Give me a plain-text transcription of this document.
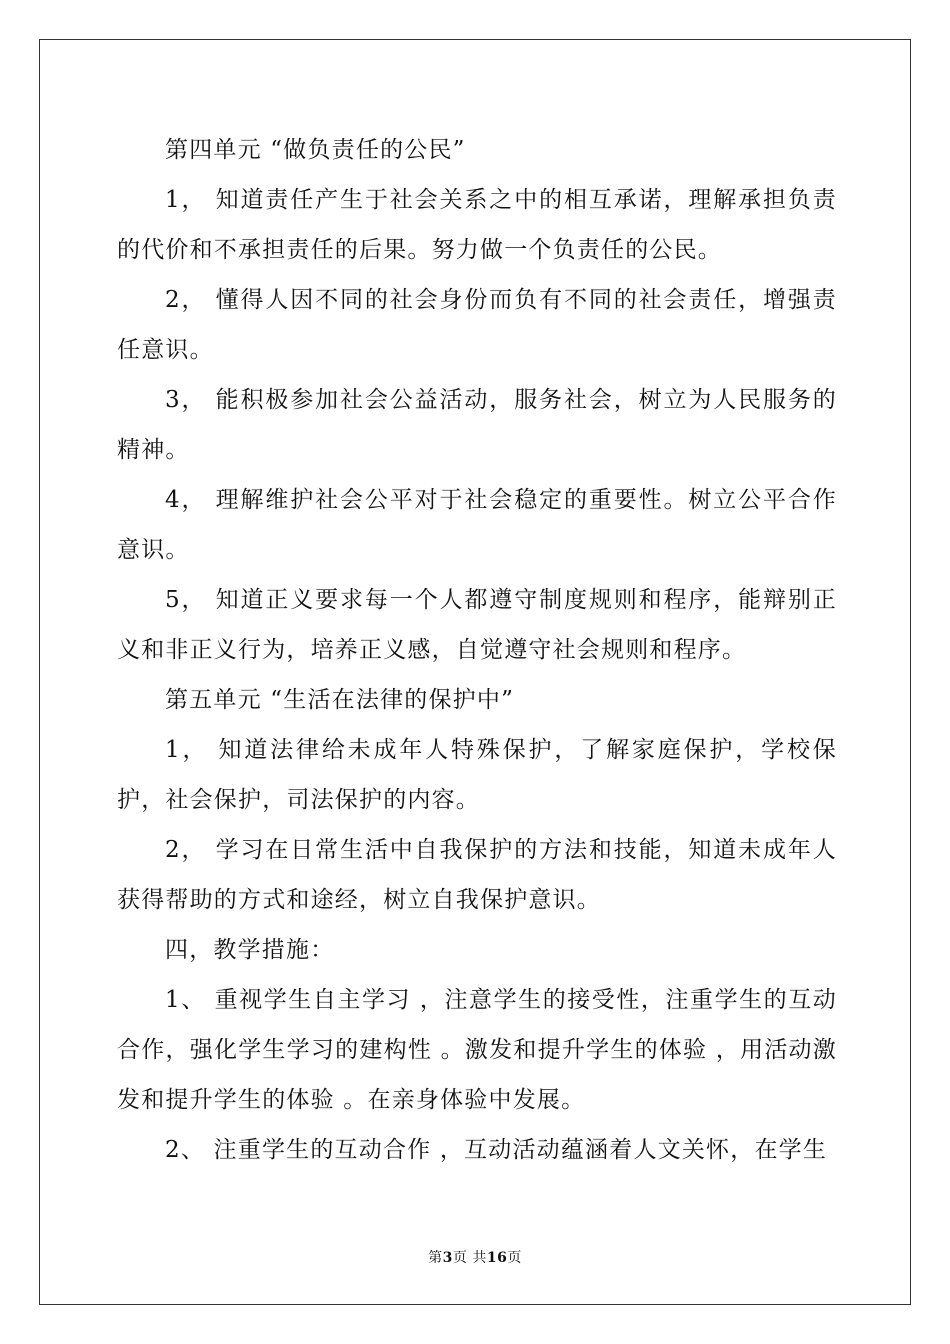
第四单元 “做负责任的公民”

1， 知道责任产生于社会关系之中的相互承诺，理解承担负责的代价和不承担责任的后果。努力做一个负责任的公民。

2， 懂得人因不同的社会身份而负有不同的社会责任，增强责任意识。

3， 能积极参加社会公益活动，服务社会，树立为人民服务的精神。

4， 理解维护社会公平对于社会稳定的重要性。树立公平合作意识。

5， 知道正义要求每一个人都遵守制度规则和程序，能辩别正义和非正义行为，培养正义感，自觉遵守社会规则和程序。

第五单元 “生活在法律的保护中”

1， 知道法律给未成年人特殊保护，了解家庭保护，学校保护，社会保护，司法保护的内容。

2， 学习在日常生活中自我保护的方法和技能，知道未成年人获得帮助的方式和途经，树立自我保护意识。

四，教学措施：

1、 重视学生自主学习 ，注意学生的接受性，注重学生的互动合作，强化学生学习的建构性 。激发和提升学生的体验 ，用活动激发和提升学生的体验 。在亲身体验中发展。

2、 注重学生的互动合作 ，互动活动蕴涵着人文关怀，在学生

第3页 共16页
